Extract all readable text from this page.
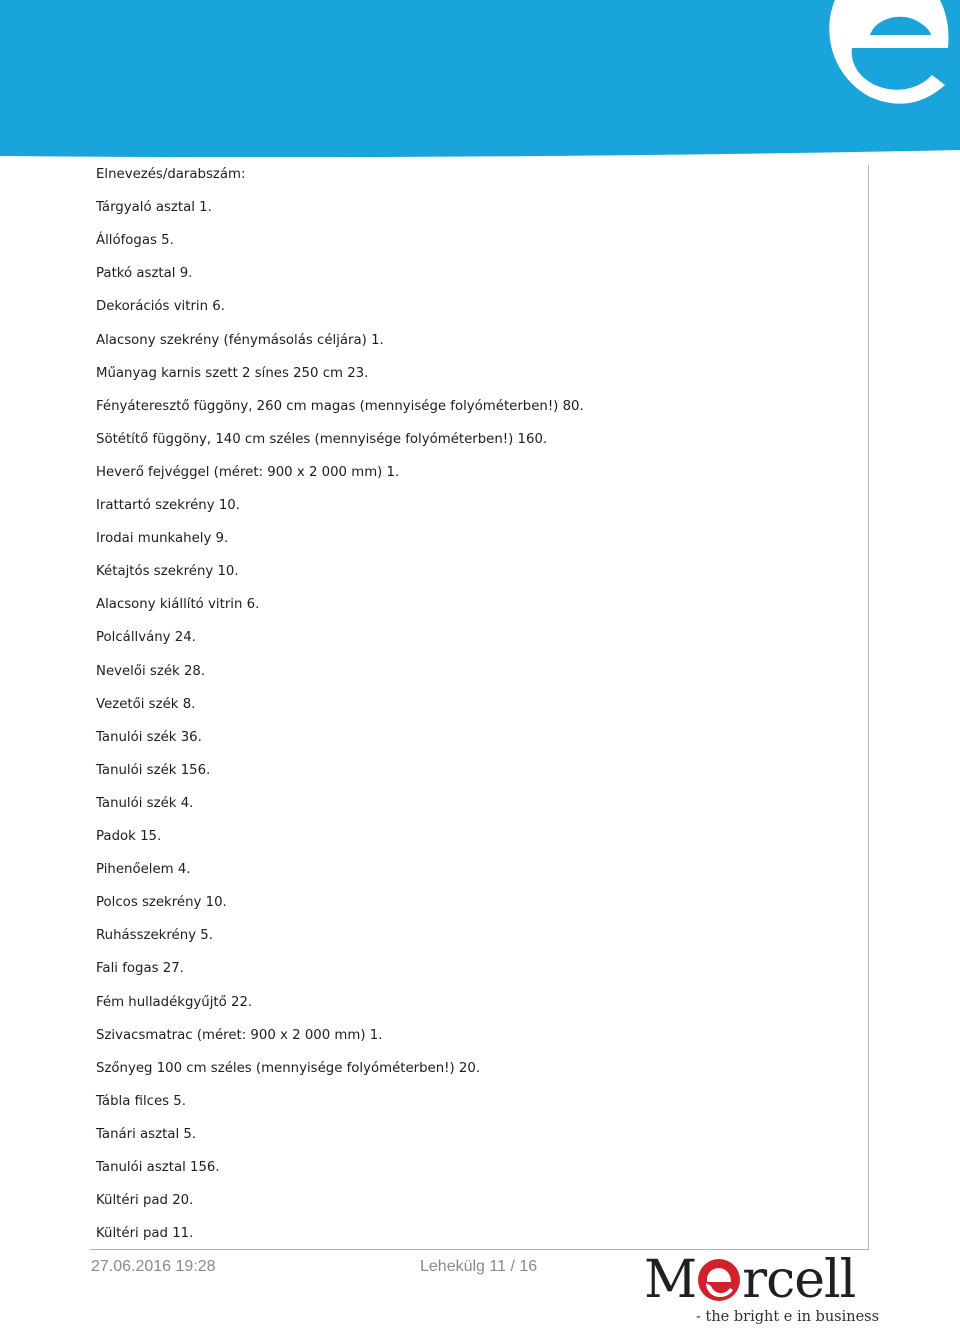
Elnevezés/darabszám:
Tárgyaló asztal 1.
Állófogas 5.
Patkó asztal 9.
Dekorációs vitrin 6.
Alacsony szekrény (fénymásolás céljára) 1.
Műanyag karnis szett 2 sínes 250 cm 23.
Fényáteresztő függöny, 260 cm magas (mennyisége folyóméterben!) 80.
Sötétítő függöny, 140 cm széles (mennyisége folyóméterben!) 160.
Heverő fejvéggel (méret: 900 x 2 000 mm) 1.
Irattartó szekrény 10.
Irodai munkahely 9.
Kétajtós szekrény 10.
Alacsony kiállító vitrin 6.
Polcállvány 24.
Nevelői szék 28.
Vezetői szék 8.
Tanulói szék 36.
Tanulói szék 156.
Tanulói szék 4.
Padok 15.
Pihenőelem 4.
Polcos szekrény 10.
Ruhásszekrény 5.
Fali fogas 27.
Fém hulladékgyűjtő 22.
Szivacsmatrac (méret: 900 x 2 000 mm) 1.
Szőnyeg 100 cm széles (mennyisége folyóméterben!) 20.
Tábla filces 5.
Tanári asztal 5.
Tanulói asztal 156.
Kültéri pad 20.
Kültéri pad 11.
27.06.2016 19:28	Lehekülg 11 / 16 M rcell
- the bright e in business
